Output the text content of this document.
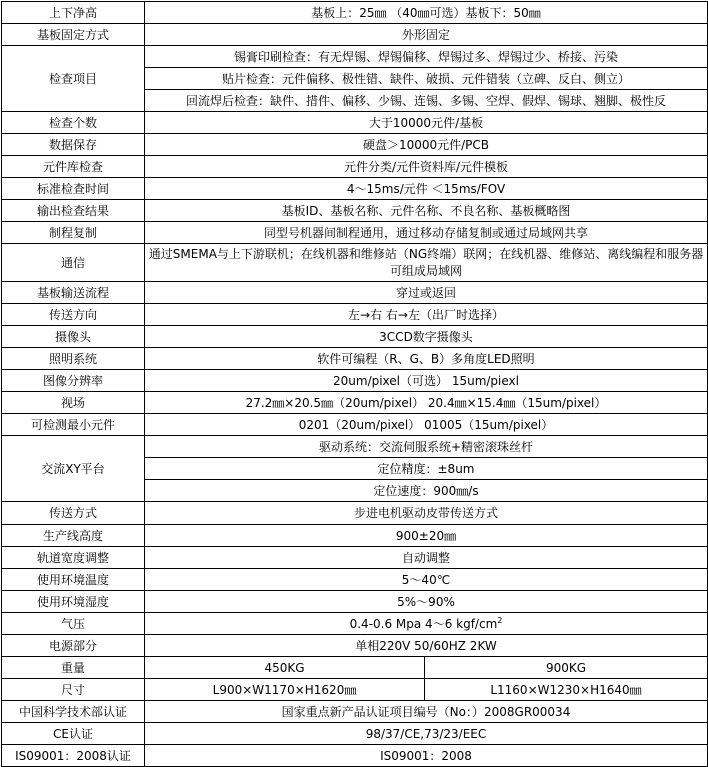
上下净高	基板上：25㎜ （40㎜可选）基板下：50㎜	
基板固定方式	外形固定	
检查项目	锡膏印刷检查：有无焊锡、焊锡偏移、焊锡过多、焊锡过少、桥接、污染	
	贴片检查：元件偏移、极性错、缺件、破损、元件错装（立碑、反白、侧立）	
	回流焊后检查：缺件、措件、偏移、少锡、连锡、多锡、空焊、假焊、锡球、翘脚、极性反	
检查个数	大于10000元件/基板	
数据保存	硬盘＞10000元件/PCB	
元件库检查	元件分类/元件资料库/元件模板	
标准检查时间	4～15ms/元件 ＜15ms/FOV	
输出检查结果	基板ID、基板名称、元件名称、不良名称、基板概略图	
制程复制	同型号机器间制程通用，通过移动存储复制或通过局域网共享	
通信	通过SMEMA与上下游联机；在线机器和维修站（NG终端）联网；在线机器、维修站、离线编程和服务器可组成局域网	
基板输送流程	穿过或返回	
传送方向	左→右 右→左（出厂时选择）	
摄像头	3CCD数字摄像头	
照明系统	软件可编程（R、G、B）多角度LED照明	
图像分辨率	20um/pixel（可选） 15um/piexl	
视场	27.2㎜×20.5㎜（20um/pixel） 20.4㎜×15.4㎜（15um/pixel）	
可检测最小元件	0201（20um/pixel） 01005（15um/pixel）	
交流XY平台	驱动系统：交流伺服系统+精密滚珠丝杆	
	定位精度：±8um	
	定位速度：900㎜/s	
传送方式	步进电机驱动皮带传送方式	
生产线高度	900±20㎜	
轨道宽度调整	自动调整	
使用环境温度	5～40℃	
使用环境湿度	5%～90%	
气压	0.4-0.6 Mpa 4～6 kgf/$cm^2$
电源部分	单相220V 50/60HZ 2KW	
重量	450KG	900KG
尺寸	L900×W1170×H1620㎜	L1160×W1230×H1640㎜
中国科学技术部认证	国家重点新产品认证项目编号（No：）2008GR00034	
CE认证	98/37/CE,73/23/EEC	
IS09001：2008认证	IS09001：2008	
